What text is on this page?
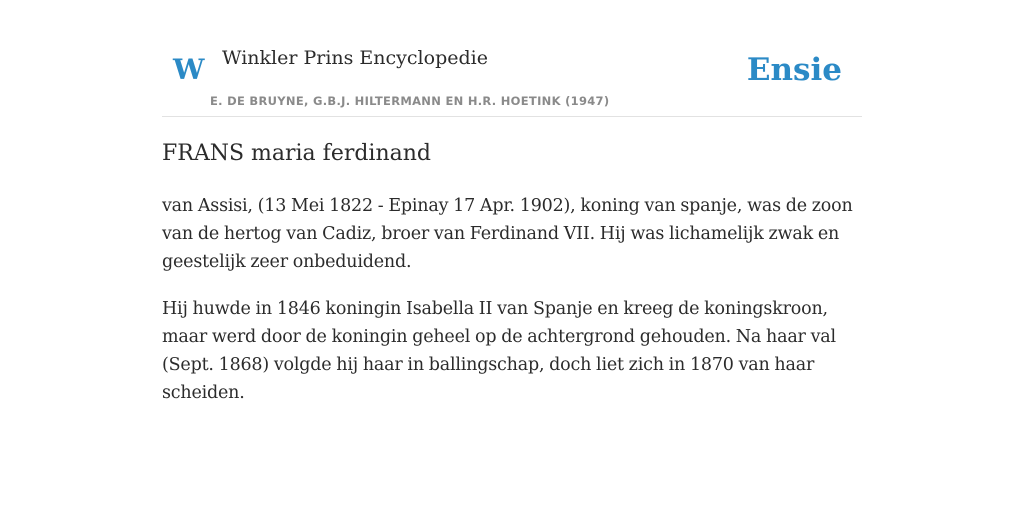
W Winkler Prins Encyclopedie
E. DE BRUYNE, G.B.J. HILTERMANN EN H.R. HOETINK (1947)
Ensie
FRANS maria ferdinand

van Assisi, (13 Mei 1822 - Epinay 17 Apr. 1902), koning van spanje, was de zoon van de hertog van Cadiz, broer van Ferdinand VII. Hij was lichamelijk zwak en geestelijk zeer onbeduidend.

Hij huwde in 1846 koningin Isabella II van Spanje en kreeg de koningskroon, maar werd door de koningin geheel op de achtergrond gehouden. Na haar val (Sept. 1868) volgde hij haar in ballingschap, doch liet zich in 1870 van haar scheiden.
